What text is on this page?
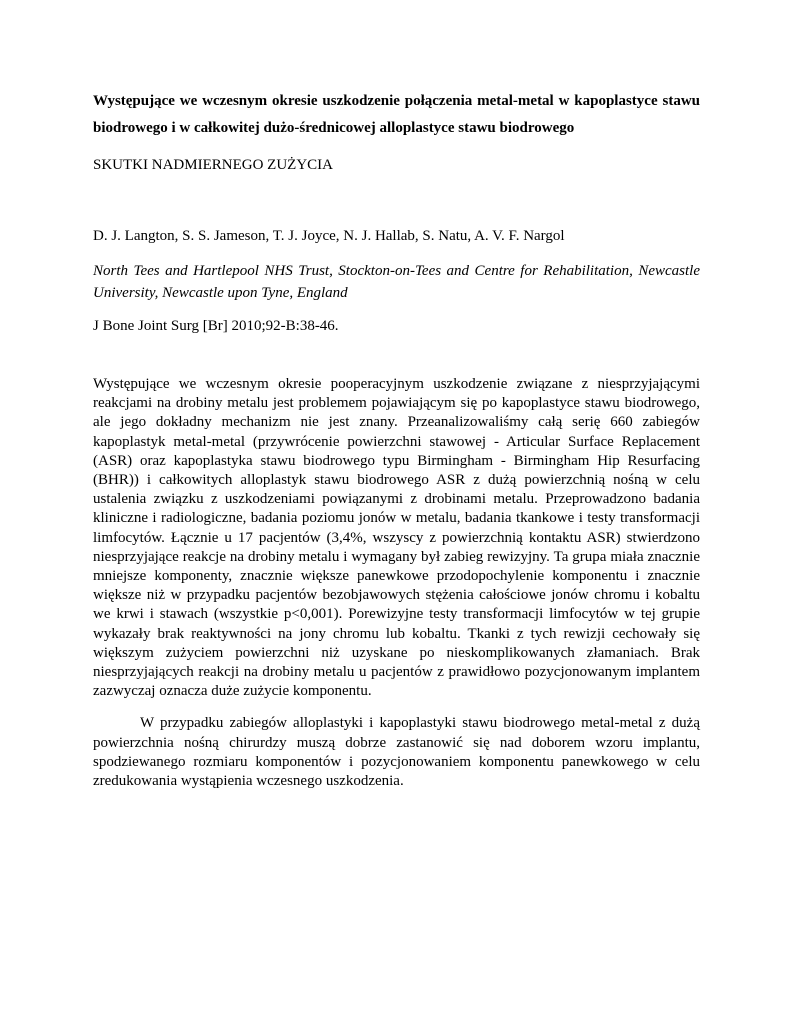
Występujące we wczesnym okresie uszkodzenie połączenia metal-metal w kapoplastyce stawu biodrowego i w całkowitej dużo-średnicowej alloplastyce stawu biodrowego

SKUTKI NADMIERNEGO ZUŻYCIA

D. J. Langton, S. S. Jameson, T. J. Joyce, N. J. Hallab, S. Natu, A. V. F. Nargol

North Tees and Hartlepool NHS Trust, Stockton-on-Tees and Centre for Rehabilitation, Newcastle University, Newcastle upon Tyne, England

J Bone Joint Surg [Br] 2010;92-B:38-46.

Występujące we wczesnym okresie pooperacyjnym uszkodzenie związane z niesprzyjającymi reakcjami na drobiny metalu jest problemem pojawiającym się po kapoplastyce stawu biodrowego, ale jego dokładny mechanizm nie jest znany. Przeanalizowaliśmy całą serię 660 zabiegów kapoplastyk metal-metal (przywrócenie powierzchni stawowej - Articular Surface Replacement (ASR) oraz kapoplastyka stawu biodrowego typu Birmingham - Birmingham Hip Resurfacing (BHR)) i całkowitych alloplastyk stawu biodrowego ASR z dużą powierzchnią nośną w celu ustalenia związku z uszkodzeniami powiązanymi z drobinami metalu. Przeprowadzono badania kliniczne i radiologiczne, badania poziomu jonów w metalu, badania tkankowe i testy transformacji limfocytów. Łącznie u 17 pacjentów (3,4%, wszyscy z powierzchnią kontaktu ASR) stwierdzono niesprzyjające reakcje na drobiny metalu i wymagany był zabieg rewizyjny. Ta grupa miała znacznie mniejsze komponenty, znacznie większe panewkowe przodopochylenie komponentu i znacznie większe niż w przypadku pacjentów bezobjawowych stężenia całościowe jonów chromu i kobaltu we krwi i stawach (wszystkie p<0,001). Porewizyjne testy transformacji limfocytów w tej grupie wykazały brak reaktywności na jony chromu lub kobaltu. Tkanki z tych rewizji cechowały się większym zużyciem powierzchni niż uzyskane po nieskomplikowanych złamaniach. Brak niesprzyjających reakcji na drobiny metalu u pacjentów z prawidłowo pozycjonowanym implantem zazwyczaj oznacza duże zużycie komponentu.

W przypadku zabiegów alloplastyki i kapoplastyki stawu biodrowego metal-metal z dużą powierzchnia nośną chirurdzy muszą dobrze zastanowić się nad doborem wzoru implantu, spodziewanego rozmiaru komponentów i pozycjonowaniem komponentu panewkowego w celu zredukowania wystąpienia wczesnego uszkodzenia.
